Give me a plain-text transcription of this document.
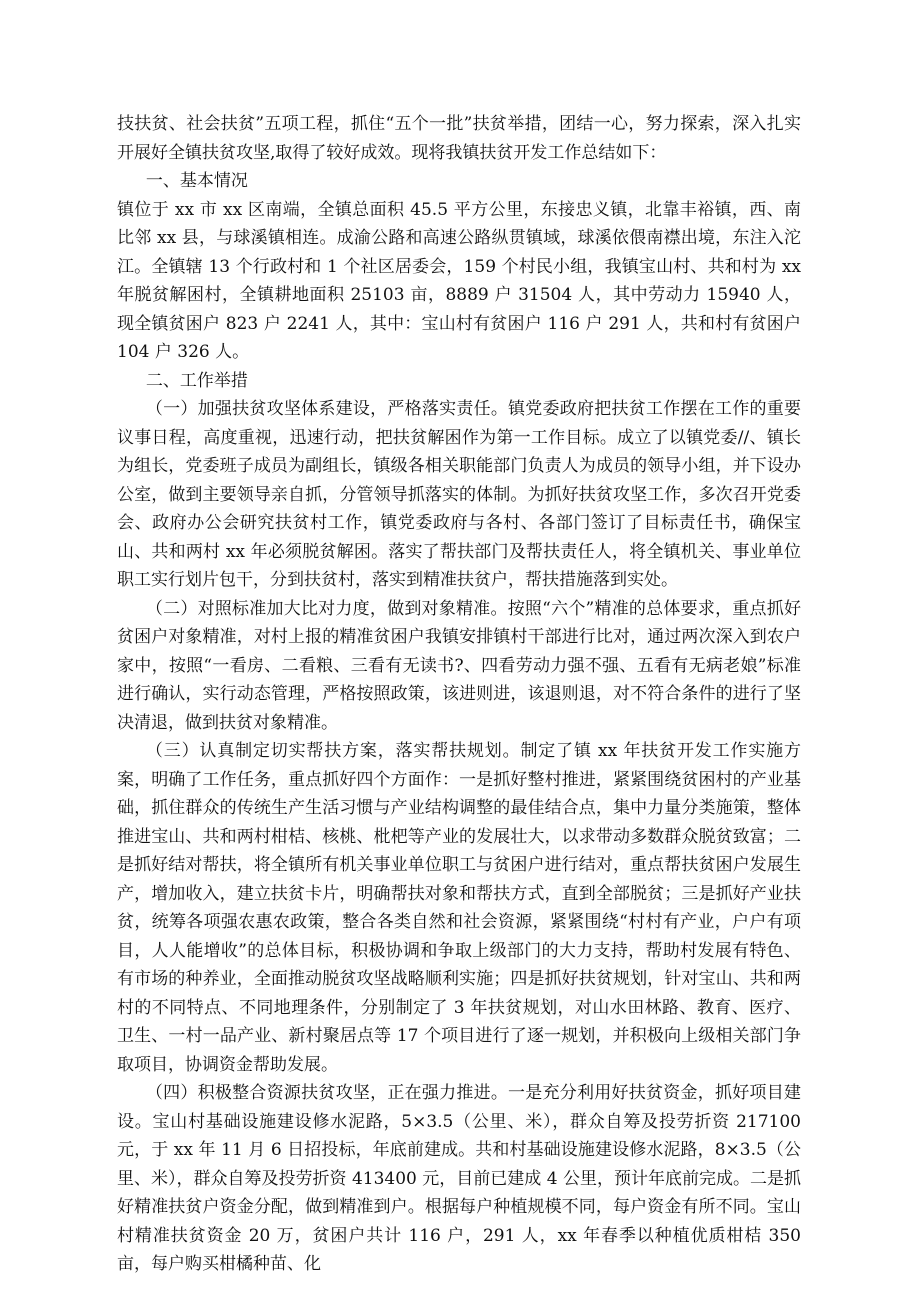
技扶贫、社会扶贫”五项工程，抓住“五个一批”扶贫举措，团结一心，努力探索，深入扎实开展好全镇扶贫攻坚,取得了较好成效。现将我镇扶贫开发工作总结如下：

一、基本情况

镇位于 xx 市 xx 区南端，全镇总面积 45.5 平方公里，东接忠义镇，北靠丰裕镇，西、南比邻 xx 县，与球溪镇相连。成渝公路和高速公路纵贯镇域，球溪依偎南襟出境，东注入沱江。全镇辖 13 个行政村和 1 个社区居委会，159 个村民小组，我镇宝山村、共和村为 xx 年脱贫解困村，全镇耕地面积 25103 亩，8889 户 31504 人，其中劳动力 15940 人，现全镇贫困户 823 户 2241 人，其中：宝山村有贫困户 116 户 291 人，共和村有贫困户 104 户 326 人。

二、工作举措

（一）加强扶贫攻坚体系建设，严格落实责任。镇党委政府把扶贫工作摆在工作的重要议事日程，高度重视，迅速行动，把扶贫解困作为第一工作目标。成立了以镇党委//、镇长为组长，党委班子成员为副组长，镇级各相关职能部门负责人为成员的领导小组，并下设办公室，做到主要领导亲自抓，分管领导抓落实的体制。为抓好扶贫攻坚工作，多次召开党委会、政府办公会研究扶贫村工作，镇党委政府与各村、各部门签订了目标责任书，确保宝山、共和两村 xx 年必须脱贫解困。落实了帮扶部门及帮扶责任人，将全镇机关、事业单位职工实行划片包干，分到扶贫村，落实到精准扶贫户，帮扶措施落到实处。

（二）对照标准加大比对力度，做到对象精准。按照“六个”精准的总体要求，重点抓好贫困户对象精准，对村上报的精准贫困户我镇安排镇村干部进行比对，通过两次深入到农户家中，按照“一看房、二看粮、三看有无读书?、四看劳动力强不强、五看有无病老娘”标准进行确认，实行动态管理，严格按照政策，该进则进，该退则退，对不符合条件的进行了坚决清退，做到扶贫对象精准。

（三）认真制定切实帮扶方案，落实帮扶规划。制定了镇 xx 年扶贫开发工作实施方案，明确了工作任务，重点抓好四个方面作：一是抓好整村推进，紧紧围绕贫困村的产业基础，抓住群众的传统生产生活习惯与产业结构调整的最佳结合点，集中力量分类施策，整体推进宝山、共和两村柑桔、核桃、枇杷等产业的发展壮大，以求带动多数群众脱贫致富；二是抓好结对帮扶，将全镇所有机关事业单位职工与贫困户进行结对，重点帮扶贫困户发展生产，增加收入，建立扶贫卡片，明确帮扶对象和帮扶方式，直到全部脱贫；三是抓好产业扶贫，统筹各项强农惠农政策，整合各类自然和社会资源，紧紧围绕“村村有产业，户户有项目，人人能增收”的总体目标，积极协调和争取上级部门的大力支持，帮助村发展有特色、有市场的种养业，全面推动脱贫攻坚战略顺利实施；四是抓好扶贫规划，针对宝山、共和两村的不同特点、不同地理条件，分别制定了 3 年扶贫规划，对山水田林路、教育、医疗、卫生、一村一品产业、新村聚居点等 17 个项目进行了逐一规划，并积极向上级相关部门争取项目，协调资金帮助发展。

（四）积极整合资源扶贫攻坚，正在强力推进。一是充分利用好扶贫资金，抓好项目建设。宝山村基础设施建设修水泥路，5×3.5（公里、米），群众自筹及投劳折资 217100 元，于 xx 年 11 月 6 日招投标，年底前建成。共和村基础设施建设修水泥路，8×3.5（公里、米），群众自筹及投劳折资 413400 元，目前已建成 4 公里，预计年底前完成。二是抓好精准扶贫户资金分配，做到精准到户。根据每户种植规模不同，每户资金有所不同。宝山村精准扶贫资金 20 万，贫困户共计 116 户，291 人，xx 年春季以种植优质柑桔 350 亩，每户购买柑橘种苗、化
